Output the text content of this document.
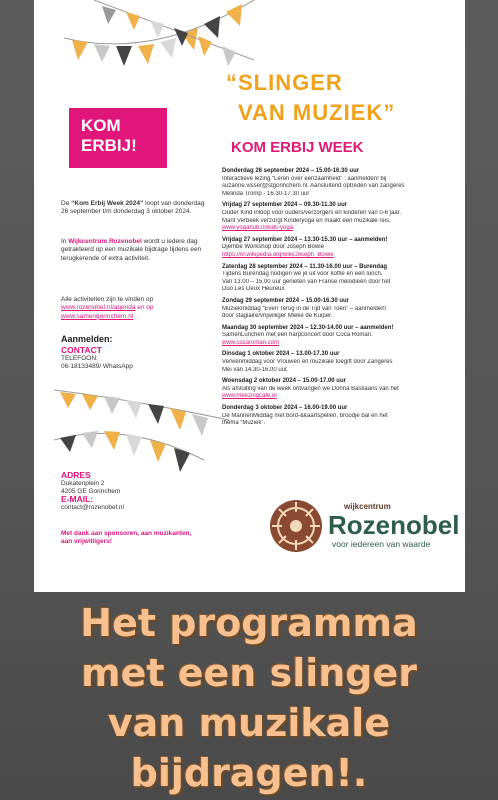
“SLINGER
VAN MUZIEK”
KOM ERBIJ WEEK
KOM
ERBIJ!

De “Kom Erbij Week 2024” loopt van donderdag 26 september t/m donderdag 3 oktober 2024.

In Wijkcentrum Rozenobel wordt u iedere dag getrakteerd op een muzikale bijdrage tijdens een terugkerende of extra activiteit.

Alle activiteiten zijn te vinden op

www.rozenobel.nl/agenda en op

www.samengorinchem.nl

Aanmelden:
CONTACT

TELEFOON:

06-18133489/ WhatsApp

ADRES

Dukatenplein 2

4205 GE Gorinchem

E-MAIL:

contact@rozenobel.nl

Met dank aan sponsoren, aan muzikanten, aan vrijwilligers!
Donderdag 26 september 2024 – 15.00-16.30 uur
Interactieve lezing “Leren over eenzaamheid” : aanmelden! bij
suzanne.visser@stgorinchem.nl. Aansluitend optreden van zangeres
Melinda Tromp - 16.30-17.30 uur
Vrijdag 27 september 2024 – 09.30-11.30 uur
Ouder Kind inloop voor ouders/verzorgers en kinderen van 0-6 jaar.
Marit Verbeek verzorgt Kinderyoga en maakt een muzikale reis.
www.yogahub.nl/kids-yoga
Vrijdag 27 september 2024 – 13.30-15.30 uur – aanmelden!
Djembé Workshop door Joseph Bowie
https://nl.wikipedia.org/wiki/Joseph_Bowie
Zaterdag 28 september 2024 – 11.30-16.00 uur – Burendag
Tijdens Burendag nodigen we je uit voor koffie en een lunch.
Van 13.00 – 15.00 uur genieten van Franse melodieën door het
Duo Les Deux Heureux.
Zondag 29 september 2024 – 15.00-16.30 uur
Muziekmiddag “Even Terug in de Tijd van Toen” – aanmelden!
door stagiaire/vrijwilliger Mieke de Kuiper.
Maandag 30 september 2024 – 12.30-14.00 uur – aanmelden!
SamenLunchen met een harpconcert door Coca Roman.
www.cocaroman.com
Dinsdag 1 oktober 2024 – 13.00-17.30 uur
Verwenmiddag voor Vrouwen en muzikale toegift door Zangeres
Mei van 14.30-16.00 uur.
Woensdag 2 oktober 2024 – 15.00-17.00 uur
Als afsluiting van de week ontvangen we Donna Bastiaans van het
www.meezingcafe.nl
Donderdag 3 oktober 2024 – 16.00-19.00 uur
Dé MannenMiddag met bord-&kaartspellen, broodje bal en het
thema “Muziek”.
wijkcentrum
Rozenobel
voor iedereen van waarde
Het programma
met een slinger
van muzikale
bijdragen!.
